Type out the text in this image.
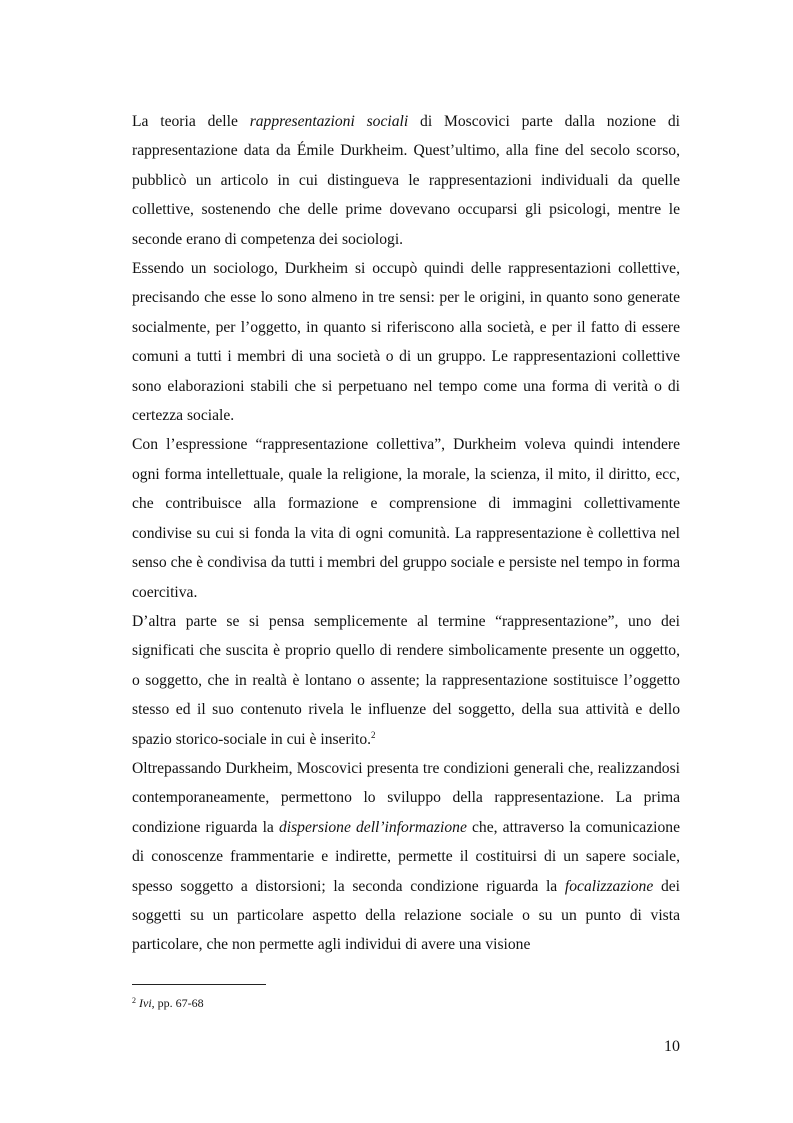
La teoria delle rappresentazioni sociali di Moscovici parte dalla nozione di rappresentazione data da Émile Durkheim. Quest’ultimo, alla fine del secolo scorso, pubblicò un articolo in cui distingueva le rappresentazioni individuali da quelle collettive, sostenendo che delle prime dovevano occuparsi gli psicologi, mentre le seconde erano di competenza dei sociologi.

Essendo un sociologo, Durkheim si occupò quindi delle rappresentazioni collettive, precisando che esse lo sono almeno in tre sensi: per le origini, in quanto sono generate socialmente, per l’oggetto, in quanto si riferiscono alla società, e per il fatto di essere comuni a tutti i membri di una società o di un gruppo. Le rappresentazioni collettive sono elaborazioni stabili che si perpetuano nel tempo come una forma di verità o di certezza sociale.

Con l’espressione “rappresentazione collettiva”, Durkheim voleva quindi intendere ogni forma intellettuale, quale la religione, la morale, la scienza, il mito, il diritto, ecc, che contribuisce alla formazione e comprensione di immagini collettivamente condivise su cui si fonda la vita di ogni comunità. La rappresentazione è collettiva nel senso che è condivisa da tutti i membri del gruppo sociale e persiste nel tempo in forma coercitiva.

D’altra parte se si pensa semplicemente al termine “rappresentazione”, uno dei significati che suscita è proprio quello di rendere simbolicamente presente un oggetto, o soggetto, che in realtà è lontano o assente; la rappresentazione sostituisce l’oggetto stesso ed il suo contenuto rivela le influenze del soggetto, della sua attività e dello spazio storico-sociale in cui è inserito.$^2$

Oltrepassando Durkheim, Moscovici presenta tre condizioni generali che, realizzandosi contemporaneamente, permettono lo sviluppo della rappresentazione. La prima condizione riguarda la dispersione dell’informazione che, attraverso la comunicazione di conoscenze frammentarie e indirette, permette il costituirsi di un sapere sociale, spesso soggetto a distorsioni; la seconda condizione riguarda la focalizzazione dei soggetti su un particolare aspetto della relazione sociale o su un punto di vista particolare, che non permette agli individui di avere una visione

$^2$ Ivi, pp. 67-68
10
